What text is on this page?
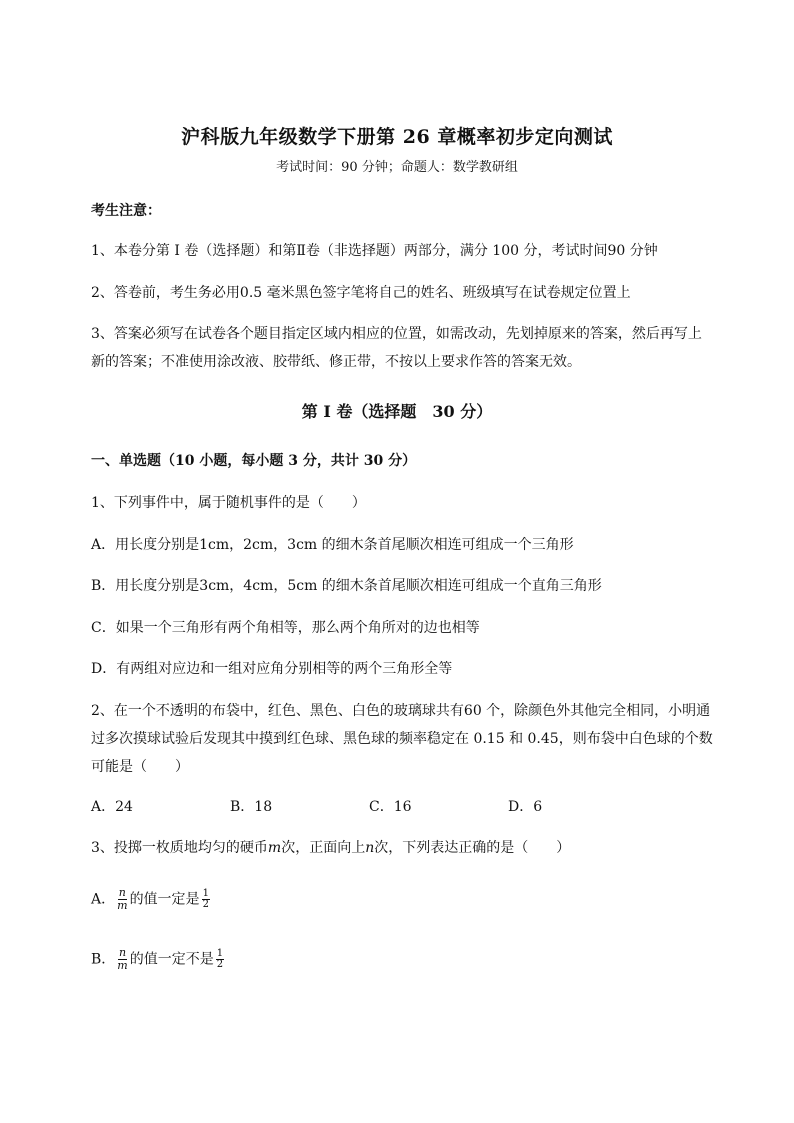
沪科版九年级数学下册第 26 章概率初步定向测试
考试时间：90 分钟；命题人：数学教研组
考生注意：
1、本卷分第 I 卷（选择题）和第Ⅱ卷（非选择题）两部分，满分 100 分，考试时间90 分钟
2、答卷前，考生务必用0.5 毫米黑色签字笔将自己的姓名、班级填写在试卷规定位置上
3、答案必须写在试卷各个题目指定区域内相应的位置，如需改动，先划掉原来的答案，然后再写上新的答案；不准使用涂改液、胶带纸、修正带，不按以上要求作答的答案无效。
第 I 卷（选择题　30 分）
一、单选题（10 小题，每小题 3 分，共计 30 分）
1、下列事件中，属于随机事件的是（　　）
A．用长度分别是1cm，2cm，3cm 的细木条首尾顺次相连可组成一个三角形
B．用长度分别是3cm，4cm，5cm 的细木条首尾顺次相连可组成一个直角三角形
C．如果一个三角形有两个角相等，那么两个角所对的边也相等
D．有两组对应边和一组对应角分别相等的两个三角形全等
2、在一个不透明的布袋中，红色、黑色、白色的玻璃球共有60 个，除颜色外其他完全相同，小明通过多次摸球试验后发现其中摸到红色球、黑色球的频率稳定在 0.15 和 0.45，则布袋中白色球的个数可能是（　　）
A．24	B．18	C．16	D．6
3、投掷一枚质地均匀的硬币m次，正面向上n次，下列表达正确的是（　　）
A． $\frac{n}{m}$ 的值一定是 $\frac{1}{2}$
B． $\frac{n}{m}$ 的值一定不是 $\frac{1}{2}$
